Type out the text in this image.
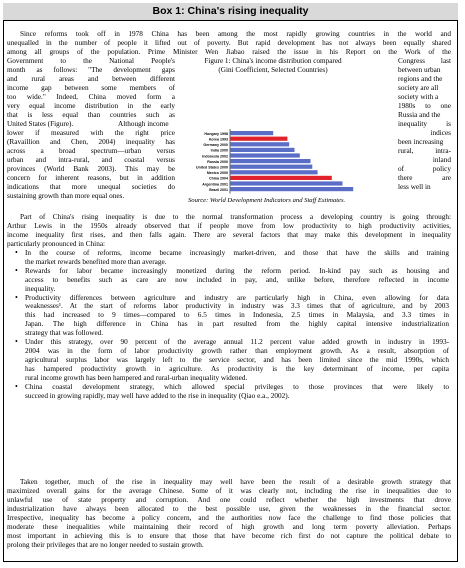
Box 1: China's rising inequality

Since reforms took off in 1978 China has been among the most rapidly growing countries in the world and

unequalled in the number of people it lifted out of poverty. But rapid development has not always been equally shared

among all groups of the population. Prime Minister Wen Jiabao raised the issue in his Report on the Work of the

Government to the National People's

month as follows: "The development gaps

and rural areas and between different

income gap between some members of

too wide." Indeed, China moved form a

very equal income distribution in the early

that is less equal than countries such as

United States (Figure).	Although income

lower if measured with the right price

(Ravaillion and Chen, 2004) inequality has

across a broad spectrum—urban versus

urban and intra-rural, and coastal versus

provinces (World Bank 2003). This may be

concern for inherent reasons, but in addition

indications that more unequal societies do

sustaining growth than more equal ones.

Congress last

between urban

regions and the

society are all

society with a

1980s to one

Russia and the

inequality is

indices

been increasing

rural, intra-

inland

of policy

there are

less well in

Figure 1: China's income distribution compared
(Gini Coefficient, Selected Countries)
Hungary 1998
Korea 1993
Germany 2000
India 2000
Indonesia 2002
Russia 2000
United States 2000
Mexico 2000
China 2004
Argentina 2001
Brazil 2001
Source: World Development Indicators and Staff Estimates.

Part of China's rising inequality is due to the normal transformation process a developing country is going through:

Arthur Lewis in the 1950s already observed that if people move from low productivity to high productivity activities,

income inequality first rises, and then falls again. There are several factors that may make this development in inequality

particularly pronounced in China:

• In the course of reforms, income became increasingly market-driven, and those that have the skills and training
the market rewards benefited more than average.
• Rewards for labor became increasingly monetized during the reform period. In-kind pay such as housing and
access to benefits such as care are now included in pay, and, unlike before, therefore reflected in income
inequality.
• Productivity differences between agriculture and industry are particularly high in China, even allowing for data
weaknesses¹. At the start of reforms labor productivity in industry was 3.3 times that of agriculture, and by 2003
this had increased to 9 times—compared to 6.5 times in Indonesia, 2.5 times in Malaysia, and 3.3 times in
Japan. The high difference in China has in part resulted from the highly capital intensive industrialization
strategy that was followed.
• Under this strategy, over 90 percent of the average annual 11.2 percent value added growth in industry in 1993-
2004 was in the form of labor productivity growth rather than employment growth. As a result, absorption of
agricultural surplus labor was largely left to the service sector, and has been limited since the mid 1990s, which
has hampered productivity growth in agriculture. As productivity is the key determinant of income, per capita
rural income growth has been hampered and rural-urban inequality widened.
• China coastal development strategy, which allowed special privileges to those provinces that were likely to
succeed in growing rapidly, may well have added to the rise in inequality (Qiao e.a., 2002).

Taken together, much of the rise in inequality may well have been the result of a desirable growth strategy that

maximized overall gains for the average Chinese. Some of it was clearly not, including the rise in inequalities due to

unlawful use of state property and corruption. And one could reflect whether the high investments that drove

industrialization have always been allocated to the best possible use, given the weaknesses in the financial sector.

Irrespective, inequality has become a policy concern, and the authorities now face the challenge to find those policies that

moderate these inequalities while maintaining their record of high growth and long term poverty alleviation. Perhaps

most important in achieving this is to ensure that those that have become rich first do not capture the political debate to

prolong their privileges that are no longer needed to sustain growth.
